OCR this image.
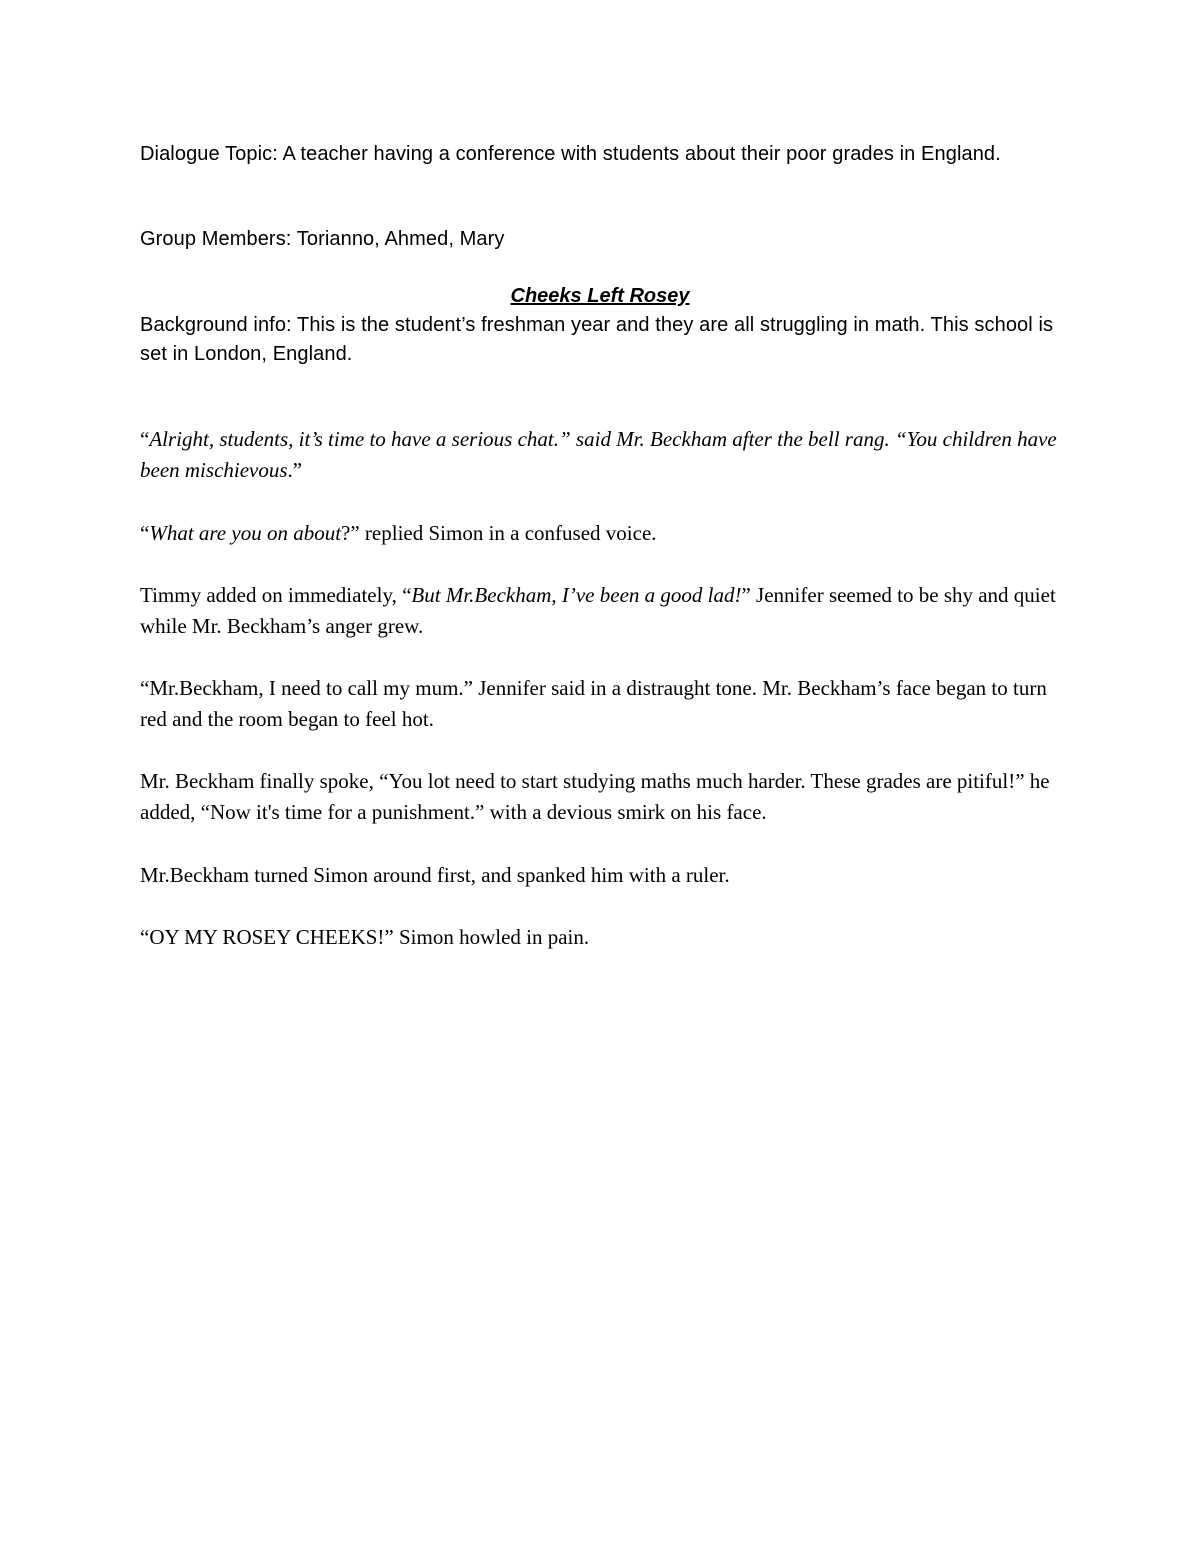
Dialogue Topic: A teacher having a conference with students about their poor grades in England.

Group Members: Torianno, Ahmed, Mary

Cheeks Left Rosey

Background info: This is the student’s freshman year and they are all struggling in math. This school is set in London, England.

“Alright, students, it’s time to have a serious chat.” said Mr. Beckham after the bell rang. “You children have been mischievous.”

“What are you on about?” replied Simon in a confused voice.

Timmy added on immediately, “But Mr.Beckham, I’ve been a good lad!” Jennifer seemed to be shy and quiet while Mr. Beckham’s anger grew.

“Mr.Beckham, I need to call my mum.” Jennifer said in a distraught tone. Mr. Beckham’s face began to turn red and the room began to feel hot.

Mr. Beckham finally spoke, “You lot need to start studying maths much harder. These grades are pitiful!” he added, “Now it's time for a punishment.” with a devious smirk on his face.

Mr.Beckham turned Simon around first, and spanked him with a ruler.

“OY MY ROSEY CHEEKS!” Simon howled in pain.
